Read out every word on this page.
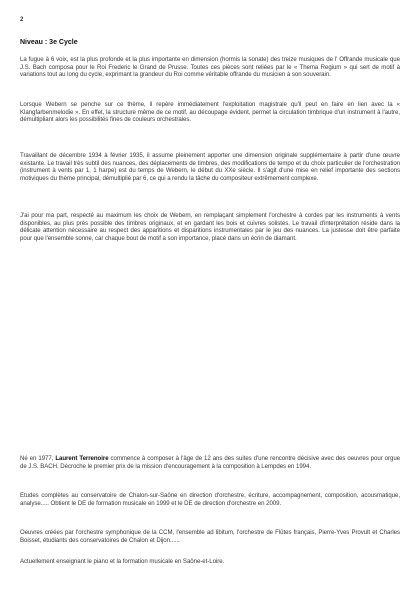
2
Niveau : 3e Cycle

La fugue à 6 voix, est la plus profonde et la plus importante en dimension (hormis la sonate) des treize musiques de l' Offrande musicale que J.S. Bach composa pour le Roi Frederic le Grand de Prusse. Toutes ces pièces sont reliées par le « Thema Regium » qui sert de motif à variations tout au long du cycle, exprimant la grandeur du Roi comme véritable offrande du musicien à son souverain.

Lorsque Webern se penche sur ce thème, il repère immédiatement l'exploitation magistrale qu'il peut en faire en lien avec la « Klangfarbenmelodie ». En effet, la structure même de ce motif, au découpage évident, permet la circulation timbrique d'un instrument à l'autre, démultipliant alors les possibilités fines de couleurs orchestrales.

Travaillant de décembre 1934 à février 1935, il assume pleinement apporter une dimension originale supplémentaire à partir d'une œuvre existante. Le travail très subtil des nuances, des déplacements de timbres, des modifications de tempo et du choix particulier de l'orchestration (instrument à vents par 1, 1 harpe) est du temps de Webern, le début du XXe siècle. Il s'agit d'une mise en relief importante des sections motiviques du thème principal, démultiplié par 6, ce qui a rendu la tâche du compositeur extrêmement complexe.

J'ai pour ma part, respecté au maximum les choix de Webern, en remplaçant simplement l'orchestre à cordes par les instruments à vents disponibles, au plus près possible des timbres originaux, et en gardant les bois et cuivres solistes. Le travail d'interprétation réside dans la délicate attention nécessaire au respect des apparitions et disparitions instrumentales par le jeu des nuances. La justesse doit être parfaite pour que l'ensemble sonne, car chaque bout de motif a son importance, placé dans un écrin de diamant.

Né en 1977, Laurent Terrenoire commence à composer à l'âge de 12 ans des suites d'une rencontre décisive avec des oeuvres pour orgue de J.S. BACH. Décroche le premier prix de la mission d'encouragement à la composition à Lempdes en 1994.

Etudes complètes au conservatoire de Chalon-sur-Saône en direction d'orchestre, écriture, accompagnement, composition, acousmatique, analyse..... Obtient le DE de formation musicale en 1999 et le DE de direction d'orchestre en 2009.

Oeuvres créées par l'orchestre symphonique de la CCM, l'ensemble ad libitum, l'orchestre de Flûtes français, Pierre-Yves Provult et Charles Boisset, étudiants des conservatoires de Chalon et Dijon......

Actuellement enseignant le piano et la formation musicale en Saône-et-Loire.
